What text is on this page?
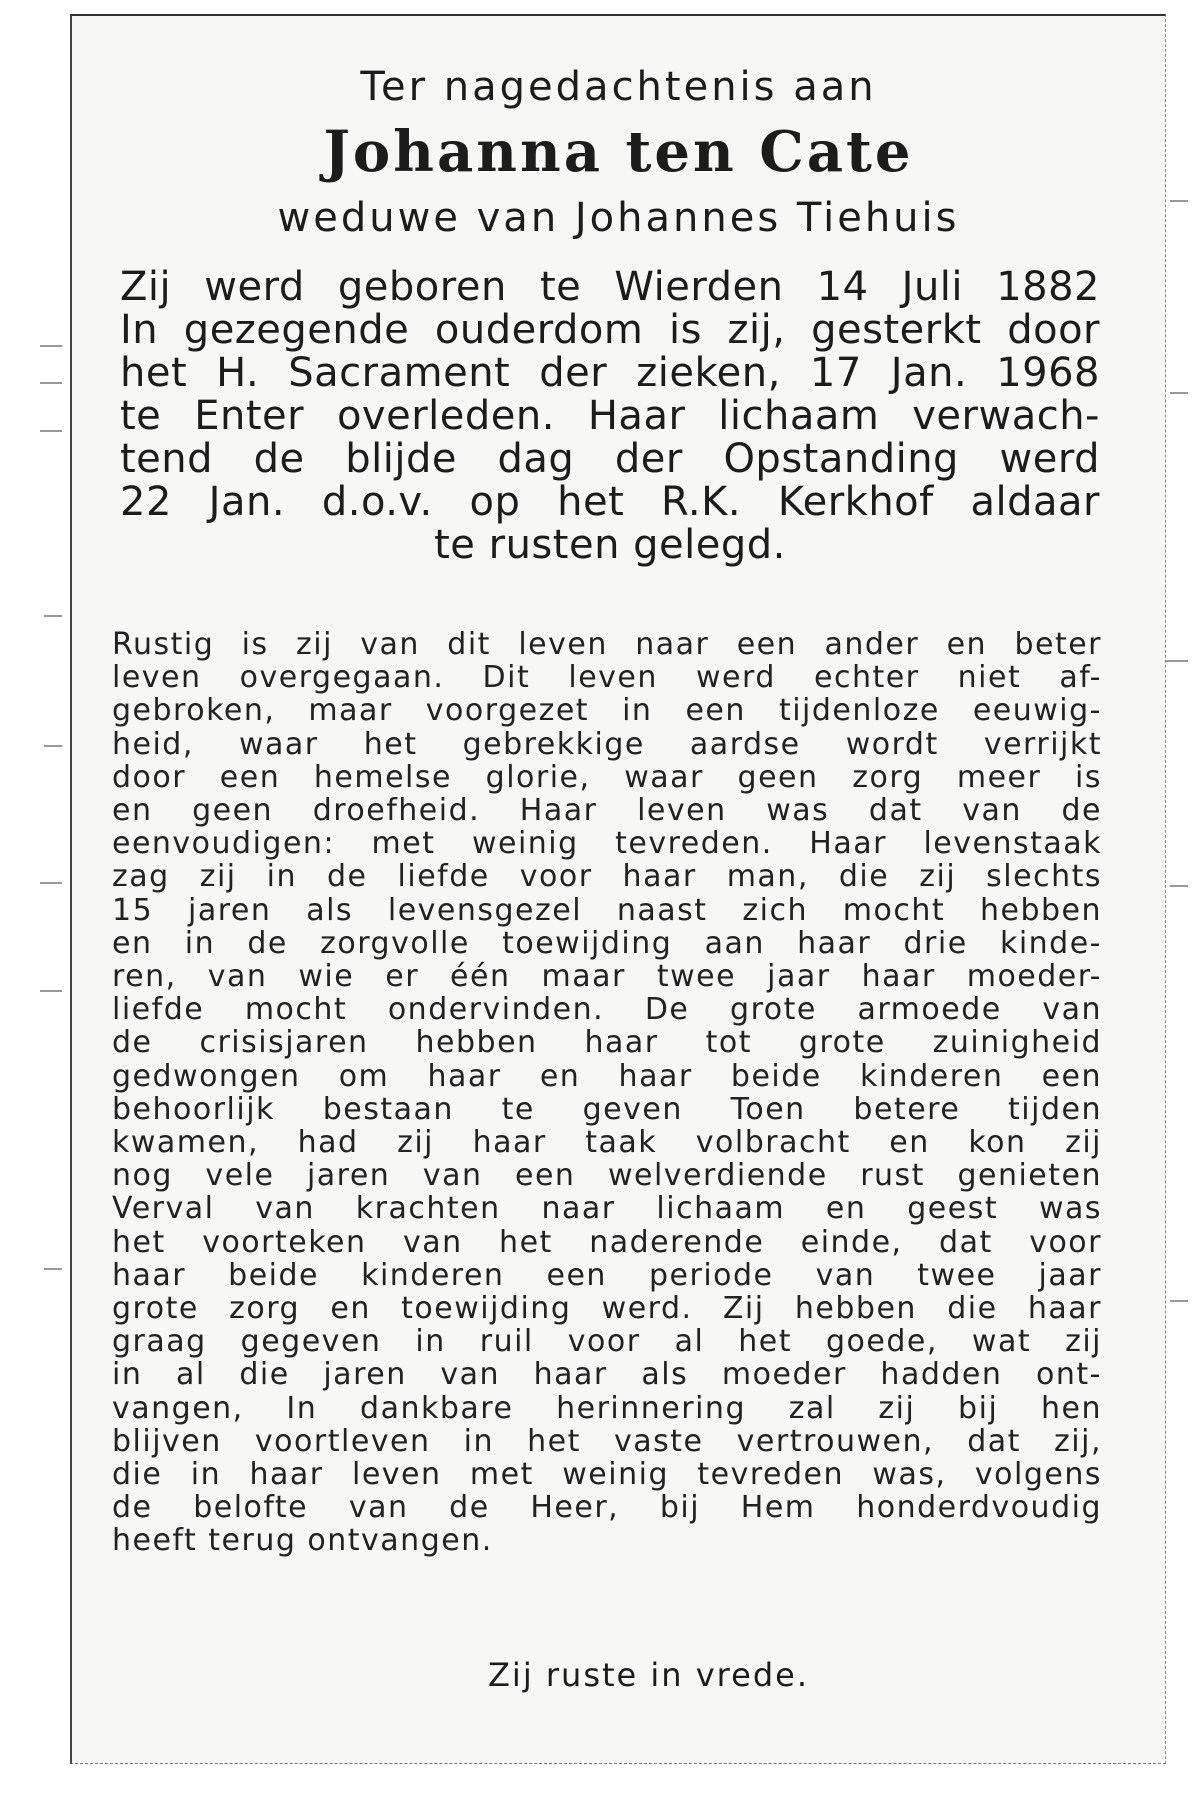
Ter nagedachtenis aan
Johanna ten Cate
weduwe van Johannes Tiehuis
Zij werd geboren te Wierden 14 Juli 1882
In gezegende ouderdom is zij, gesterkt door
het H. Sacrament der zieken, 17 Jan. 1968
te Enter overleden. Haar lichaam verwach-
tend de blijde dag der Opstanding werd
22 Jan. d.o.v. op het R.K. Kerkhof aldaar
te rusten gelegd.
Rustig is zij van dit leven naar een ander en beter
leven overgegaan. Dit leven werd echter niet af-
gebroken, maar voorgezet in een tijdenloze eeuwig-
heid, waar het gebrekkige aardse wordt verrijkt
door een hemelse glorie, waar geen zorg meer is
en geen droefheid. Haar leven was dat van de
eenvoudigen: met weinig tevreden. Haar levenstaak
zag zij in de liefde voor haar man, die zij slechts
15 jaren als levensgezel naast zich mocht hebben
en in de zorgvolle toewijding aan haar drie kinde-
ren, van wie er één maar twee jaar haar moeder-
liefde mocht ondervinden. De grote armoede van
de crisisjaren hebben haar tot grote zuinigheid
gedwongen om haar en haar beide kinderen een
behoorlijk bestaan te geven Toen betere tijden
kwamen, had zij haar taak volbracht en kon zij
nog vele jaren van een welverdiende rust genieten
Verval van krachten naar lichaam en geest was
het voorteken van het naderende einde, dat voor
haar beide kinderen een periode van twee jaar
grote zorg en toewijding werd. Zij hebben die haar
graag gegeven in ruil voor al het goede, wat zij
in al die jaren van haar als moeder hadden ont-
vangen, In dankbare herinnering zal zij bij hen
blijven voortleven in het vaste vertrouwen, dat zij,
die in haar leven met weinig tevreden was, volgens
de belofte van de Heer, bij Hem honderdvoudig
heeft terug ontvangen.
Zij ruste in vrede.
